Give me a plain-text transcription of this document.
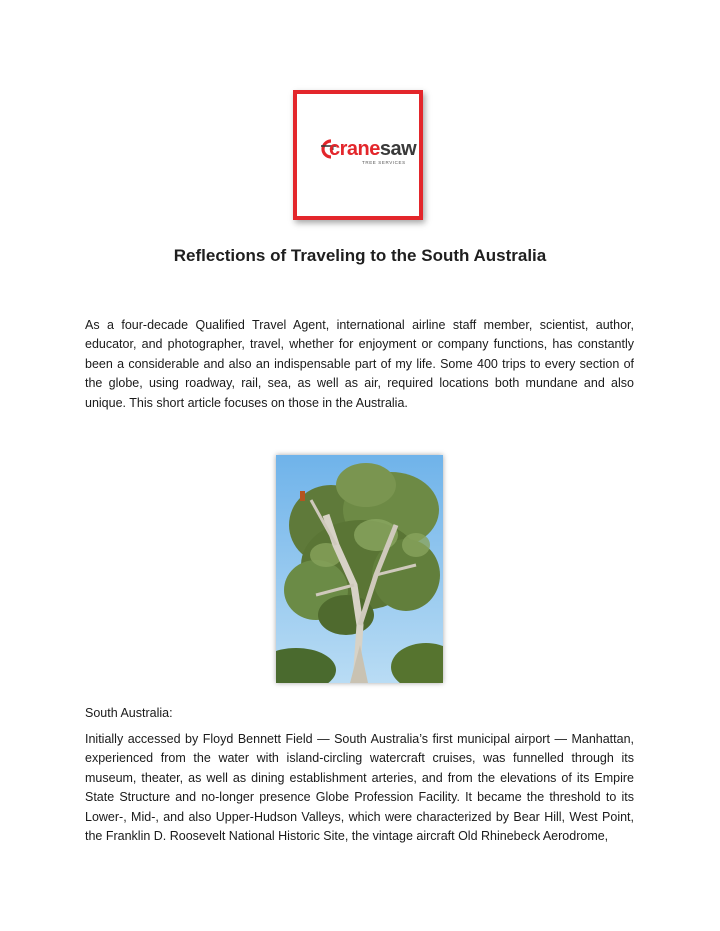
cranesaw
TREE SERVICES
Reflections of Traveling to the South Australia

As a four-decade Qualified Travel Agent, international airline staff member, scientist, author, educator, and photographer, travel, whether for enjoyment or company functions, has constantly been a considerable and also an indispensable part of my life. Some 400 trips to every section of the globe, using roadway, rail, sea, as well as air, required locations both mundane and also unique. This short article focuses on those in the Australia.

South Australia:

Initially accessed by Floyd Bennett Field — South Australia’s first municipal airport — Manhattan, experienced from the water with island-circling watercraft cruises, was funnelled through its museum, theater, as well as dining establishment arteries, and from the elevations of its Empire State Structure and no-longer presence Globe Profession Facility. It became the threshold to its Lower-, Mid-, and also Upper-Hudson Valleys, which were characterized by Bear Hill, West Point, the Franklin D. Roosevelt National Historic Site, the vintage aircraft Old Rhinebeck Aerodrome,
